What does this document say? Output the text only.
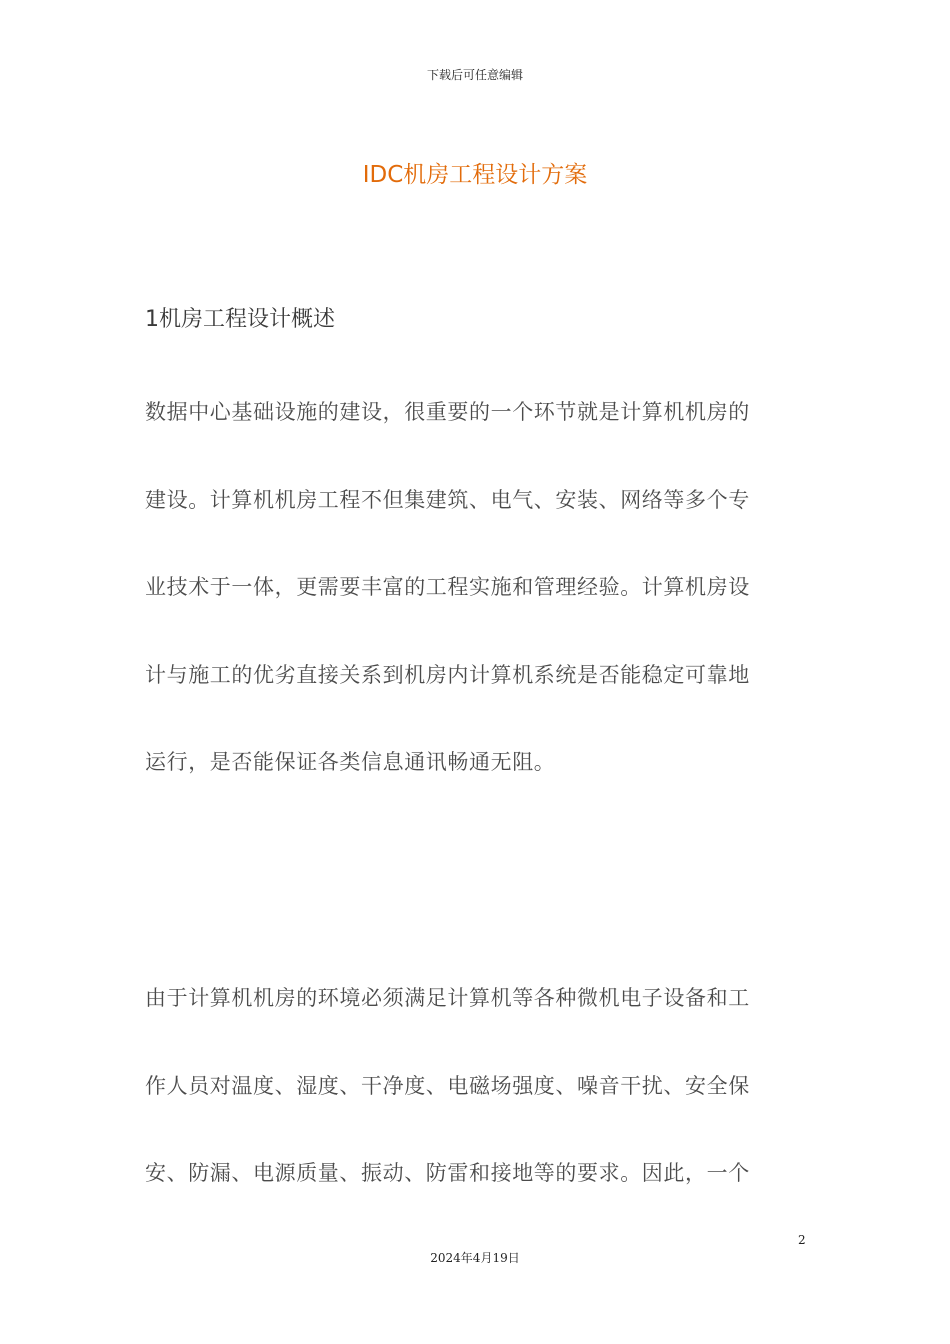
下载后可任意编辑
IDC机房工程设计方案
1机房工程设计概述
数据中心基础设施的建设，很重要的一个环节就是计算机机房的
建设。计算机机房工程不但集建筑、电气、安装、网络等多个专
业技术于一体，更需要丰富的工程实施和管理经验。计算机房设
计与施工的优劣直接关系到机房内计算机系统是否能稳定可靠地
运行，是否能保证各类信息通讯畅通无阻。
由于计算机机房的环境必须满足计算机等各种微机电子设备和工
作人员对温度、湿度、干净度、电磁场强度、噪音干扰、安全保
安、防漏、电源质量、振动、防雷和接地等的要求。因此，一个
2
2024年4月19日
